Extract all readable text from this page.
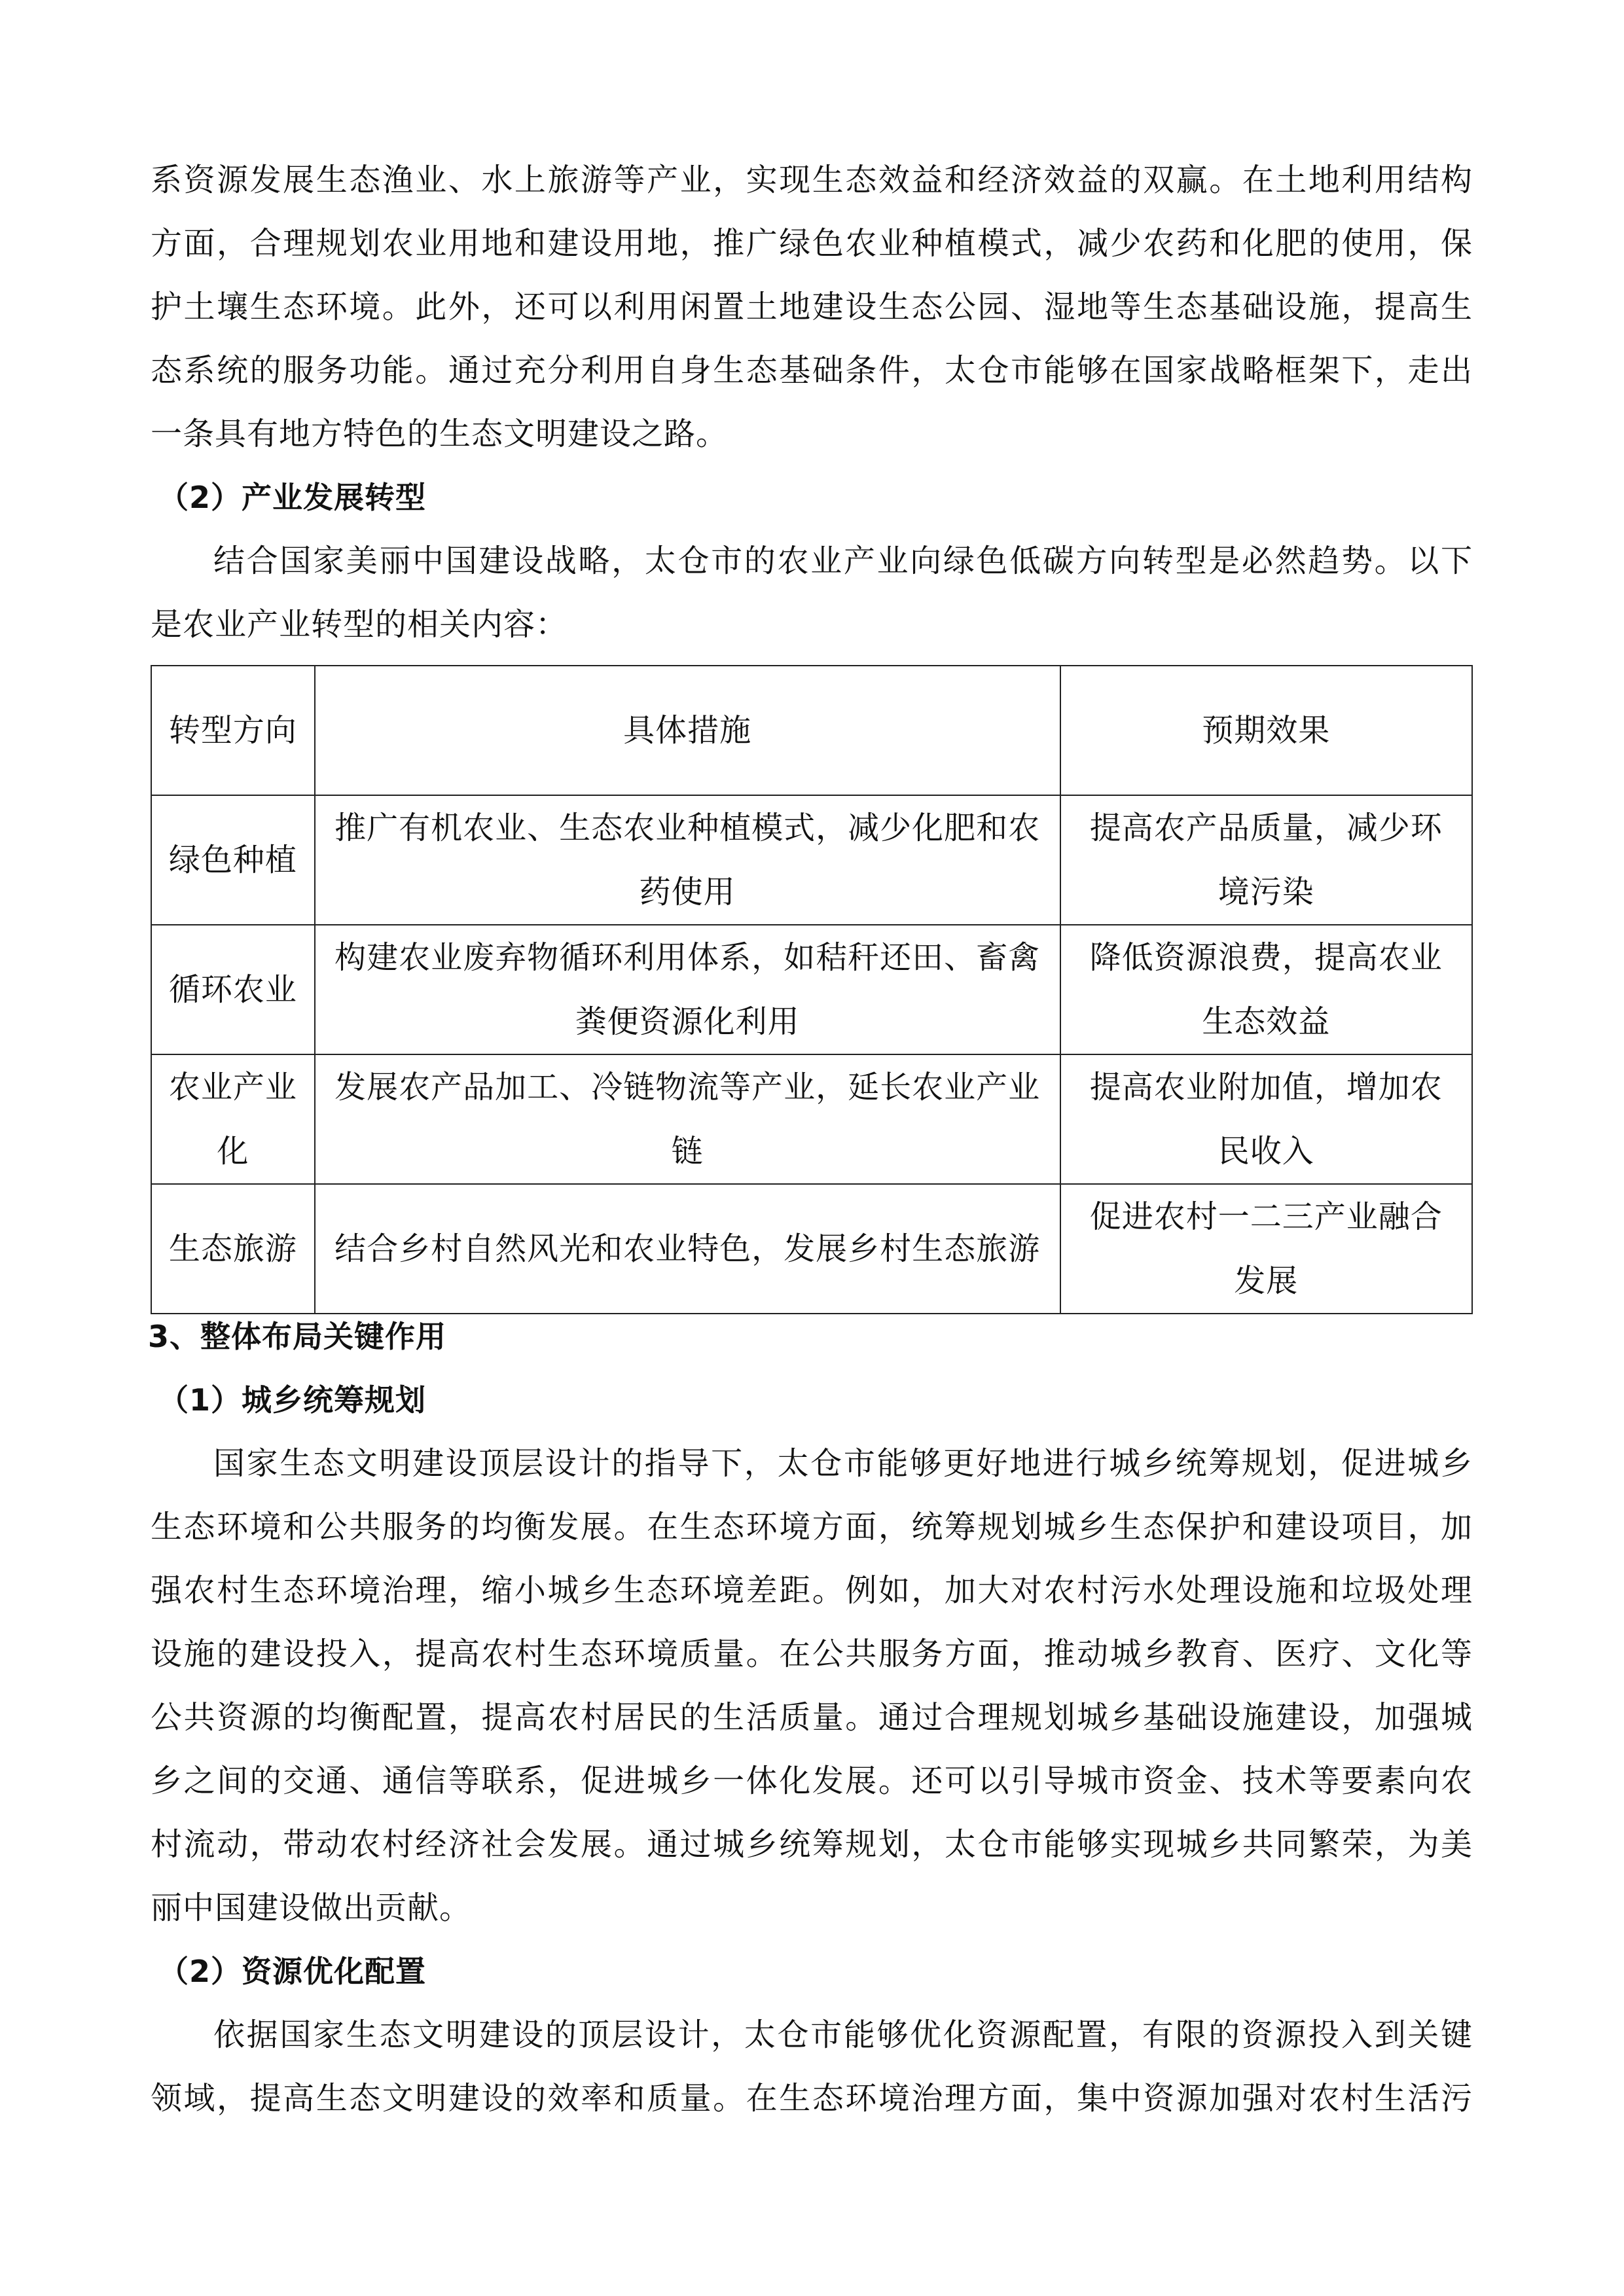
系资源发展生态渔业、水上旅游等产业，实现生态效益和经济效益的双赢。在土地利用结构
方面，合理规划农业用地和建设用地，推广绿色农业种植模式，减少农药和化肥的使用，保
护土壤生态环境。此外，还可以利用闲置土地建设生态公园、湿地等生态基础设施，提高生
态系统的服务功能。通过充分利用自身生态基础条件，太仓市能够在国家战略框架下，走出
一条具有地方特色的生态文明建设之路。
（2）产业发展转型
结合国家美丽中国建设战略，太仓市的农业产业向绿色低碳方向转型是必然趋势。以下
是农业产业转型的相关内容：
转型方向	具体措施	预期效果
绿色种植	推广有机农业、生态农业种植模式，减少化肥和农药使用	提高农产品质量，减少环境污染
循环农业	构建农业废弃物循环利用体系，如秸秆还田、畜禽粪便资源化利用	降低资源浪费，提高农业生态效益
农业产业化	发展农产品加工、冷链物流等产业，延长农业产业链	提高农业附加值，增加农民收入
生态旅游	结合乡村自然风光和农业特色，发展乡村生态旅游	促进农村一二三产业融合发展
3、整体布局关键作用
（1）城乡统筹规划
国家生态文明建设顶层设计的指导下，太仓市能够更好地进行城乡统筹规划，促进城乡
生态环境和公共服务的均衡发展。在生态环境方面，统筹规划城乡生态保护和建设项目，加
强农村生态环境治理，缩小城乡生态环境差距。例如，加大对农村污水处理设施和垃圾处理
设施的建设投入，提高农村生态环境质量。在公共服务方面，推动城乡教育、医疗、文化等
公共资源的均衡配置，提高农村居民的生活质量。通过合理规划城乡基础设施建设，加强城
乡之间的交通、通信等联系，促进城乡一体化发展。还可以引导城市资金、技术等要素向农
村流动，带动农村经济社会发展。通过城乡统筹规划，太仓市能够实现城乡共同繁荣，为美
丽中国建设做出贡献。
（2）资源优化配置
依据国家生态文明建设的顶层设计，太仓市能够优化资源配置，有限的资源投入到关键
领域，提高生态文明建设的效率和质量。在生态环境治理方面，集中资源加强对农村生活污
